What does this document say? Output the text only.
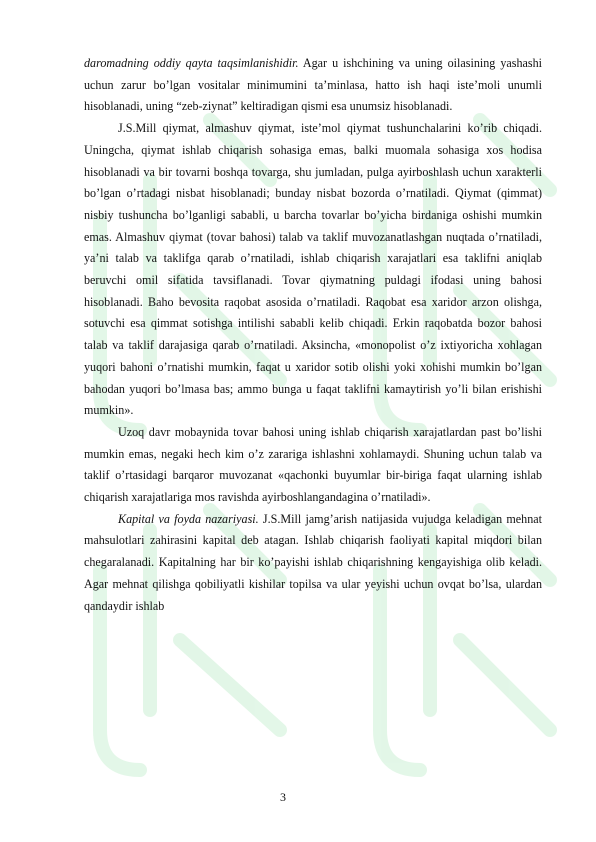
daromadning oddiy qayta taqsimlanishidir. Agar u ishchining va uning oilasining yashashi uchun zarur bo’lgan vositalar minimumini ta’minlasa, hatto ish haqi iste’moli unumli hisoblanadi, uning “zeb-ziynat” keltiradigan qismi esa unumsiz hisoblanadi.

J.S.Mill qiymat, almashuv qiymat, iste’mol qiymat tushunchalarini ko’rib chiqadi. Uningcha, qiymat ishlab chiqarish sohasiga emas, balki muomala sohasiga xos hodisa hisoblanadi va bir tovarni boshqa tovarga, shu jumladan, pulga ayirboshlash uchun xarakterli bo’lgan o’rtadagi nisbat hisoblanadi; bunday nisbat bozorda o’rnatiladi. Qiymat (qimmat) nisbiy tushuncha bo’lganligi sababli, u barcha tovarlar bo’yicha birdaniga oshishi mumkin emas. Almashuv qiymat (tovar bahosi) talab va taklif muvozanatlashgan nuqtada o’rnatiladi, ya’ni talab va taklifga qarab o’rnatiladi, ishlab chiqarish xarajatlari esa taklifni aniqlab beruvchi omil sifatida tavsiflanadi. Tovar qiymatning puldagi ifodasi uning bahosi hisoblanadi. Baho bevosita raqobat asosida o’rnatiladi. Raqobat esa xaridor arzon olishga, sotuvchi esa qimmat sotishga intilishi sababli kelib chiqadi. Erkin raqobatda bozor bahosi talab va taklif darajasiga qarab o’rnatiladi. Aksincha, «monopolist o’z ixtiyoricha xohlagan yuqori bahoni o’rnatishi mumkin, faqat u xaridor sotib olishi yoki xohishi mumkin bo’lgan bahodan yuqori bo’lmasa bas; ammo bunga u faqat taklifni kamaytirish yo’li bilan erishishi mumkin».

Uzoq davr mobaynida tovar bahosi uning ishlab chiqarish xarajatlardan past bo’lishi mumkin emas, negaki hech kim o’z zarariga ishlashni xohlamaydi. Shuning uchun talab va taklif o’rtasidagi barqaror muvozanat «qachonki buyumlar bir-biriga faqat ularning ishlab chiqarish xarajatlariga mos ravishda ayirboshlangandagina o’rnatiladi».

Kapital va foyda nazariyasi. J.S.Mill jamg’arish natijasida vujudga keladigan mehnat mahsulotlari zahirasini kapital deb atagan. Ishlab chiqarish faoliyati kapital miqdori bilan chegaralanadi. Kapitalning har bir ko’payishi ishlab chiqarishning kengayishiga olib keladi. Agar mehnat qilishga qobiliyatli kishilar topilsa va ular yeyishi uchun ovqat bo’lsa, ulardan qandaydir ishlab

3
